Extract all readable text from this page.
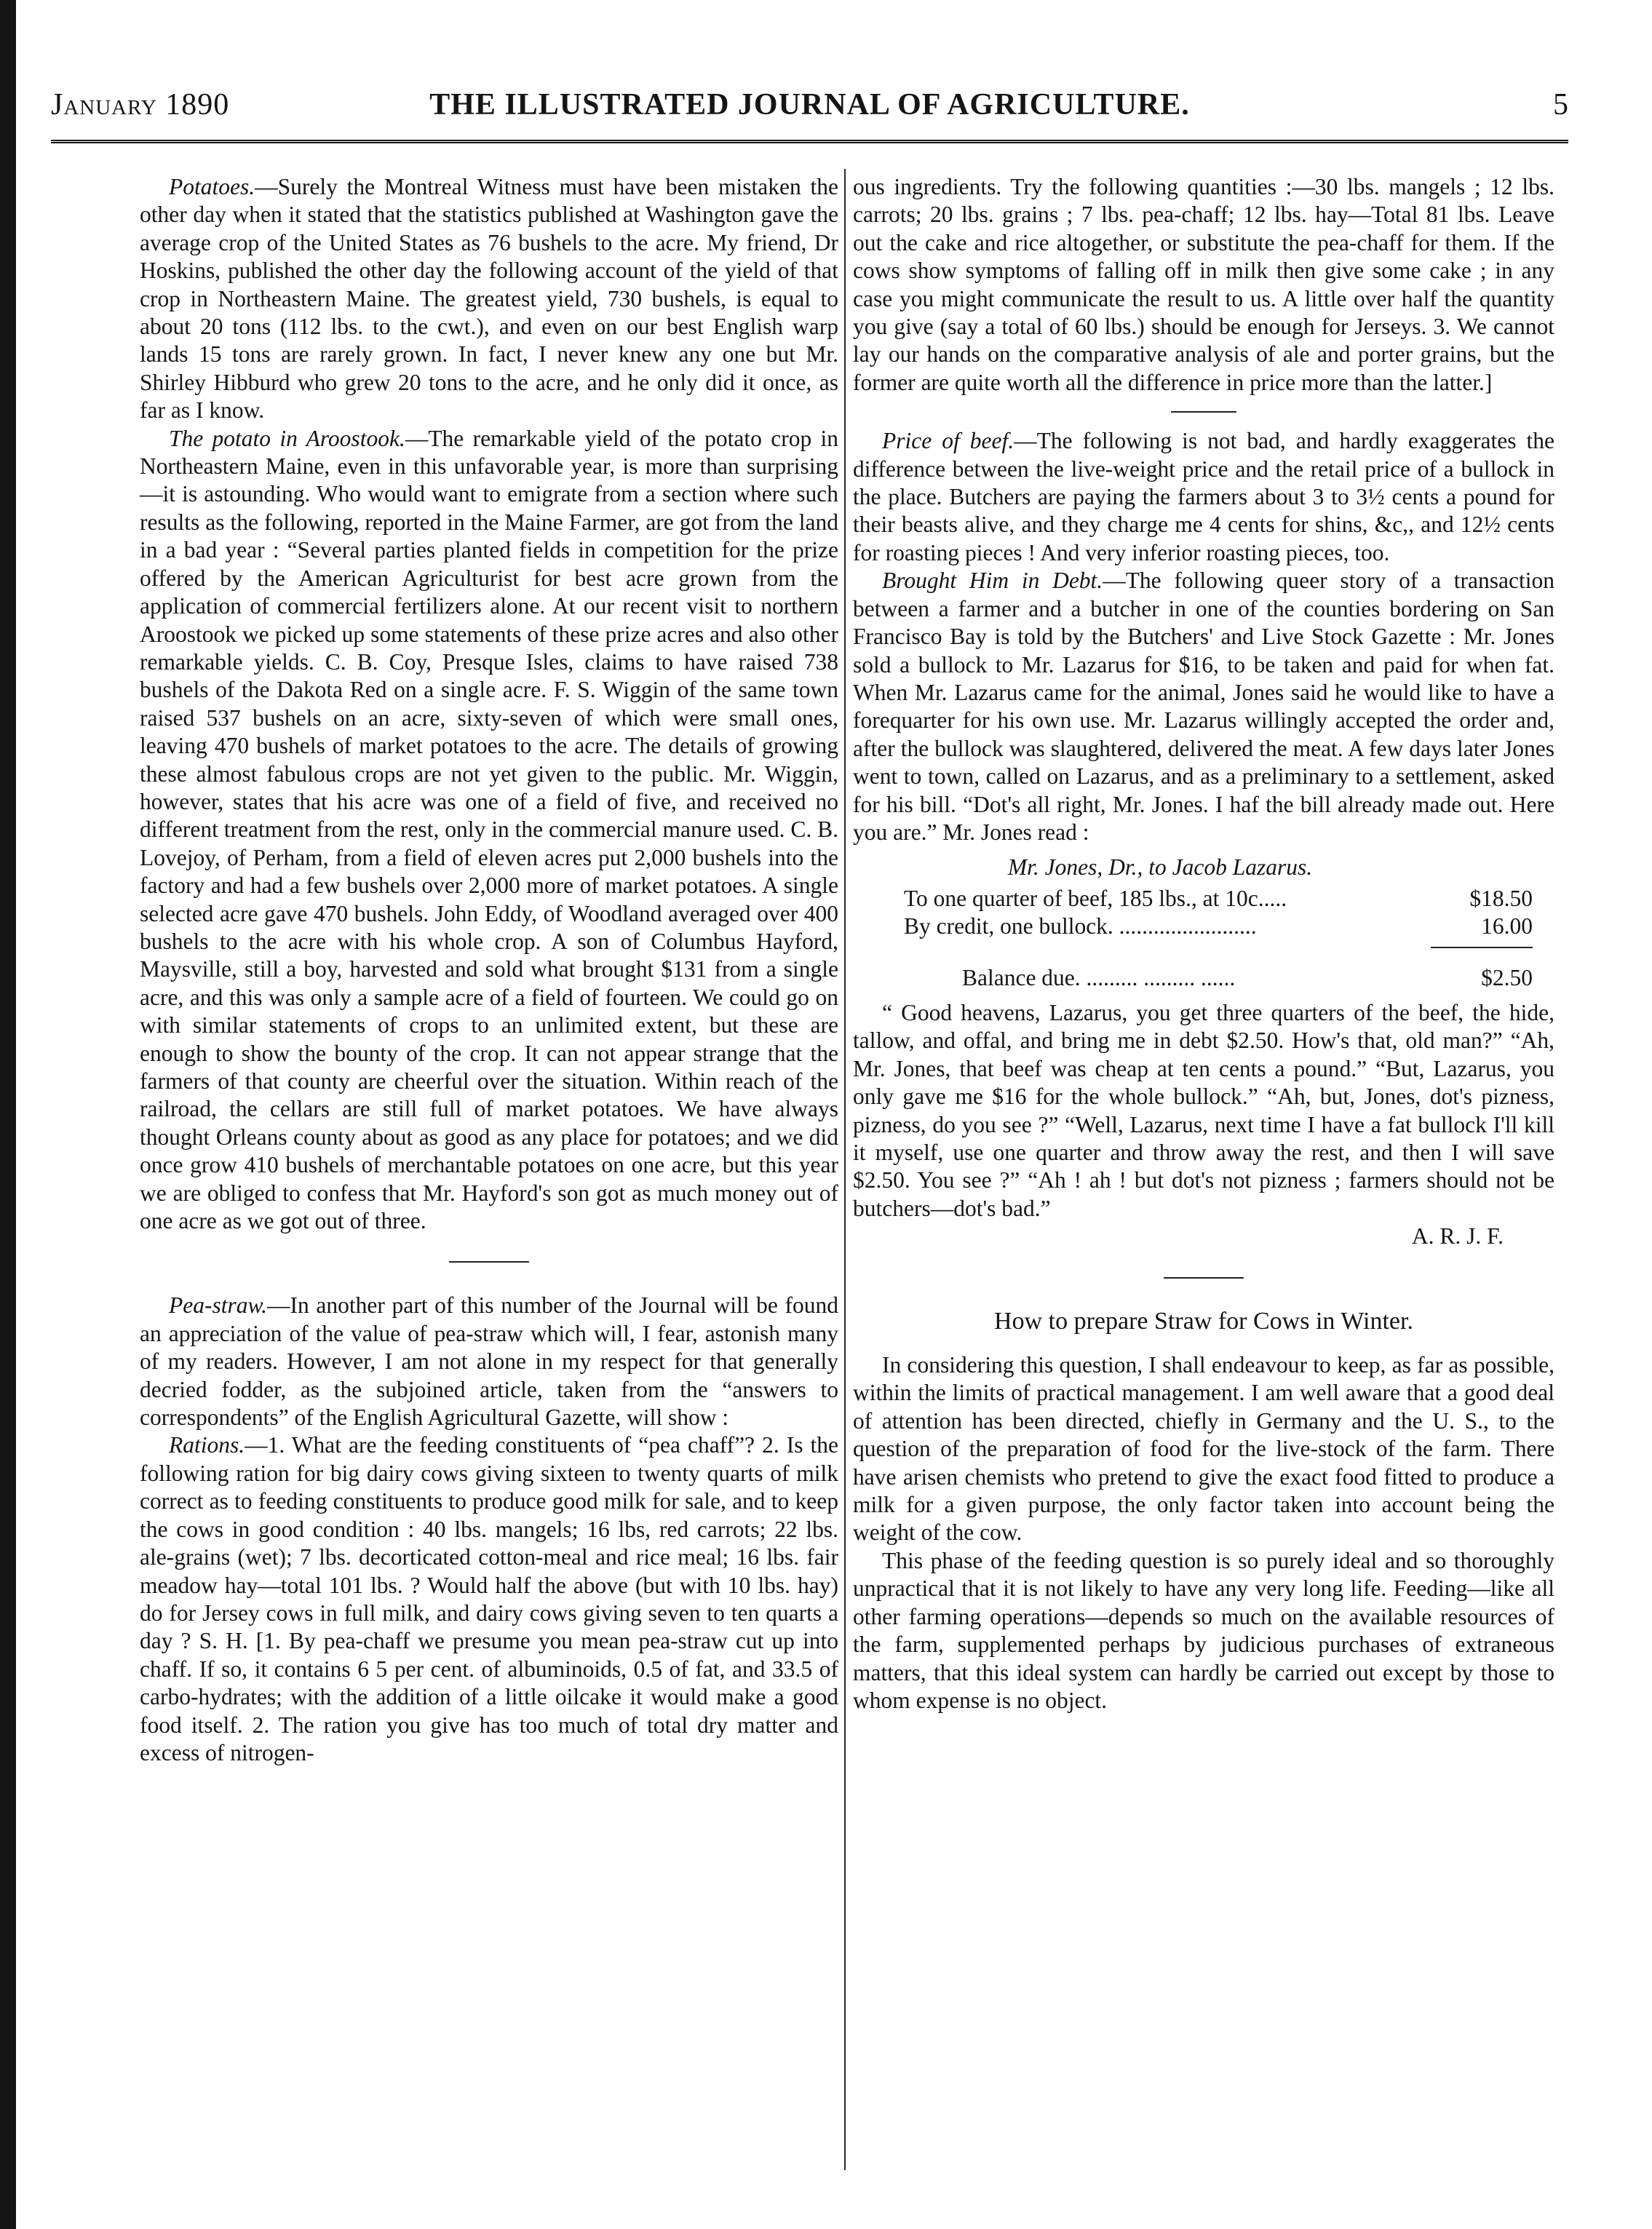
January 1890	THE ILLUSTRATED JOURNAL OF AGRICULTURE.	5

Potatoes.—Surely the Montreal Witness must have been mistaken the other day when it stated that the statistics published at Washington gave the average crop of the United States as 76 bushels to the acre. My friend, Dr Hoskins, published the other day the following account of the yield of that crop in Northeastern Maine. The greatest yield, 730 bushels, is equal to about 20 tons (112 lbs. to the cwt.), and even on our best English warp lands 15 tons are rarely grown. In fact, I never knew any one but Mr. Shirley Hibburd who grew 20 tons to the acre, and he only did it once, as far as I know.

The potato in Aroostook.—The remarkable yield of the potato crop in Northeastern Maine, even in this unfavorable year, is more than surprising—it is astounding. Who would want to emigrate from a section where such results as the following, reported in the Maine Farmer, are got from the land in a bad year : “Several parties planted fields in competition for the prize offered by the American Agriculturist for best acre grown from the application of commercial fertilizers alone. At our recent visit to northern Aroostook we picked up some statements of these prize acres and also other remarkable yields. C. B. Coy, Presque Isles, claims to have raised 738 bushels of the Dakota Red on a single acre. F. S. Wiggin of the same town raised 537 bushels on an acre, sixty-seven of which were small ones, leaving 470 bushels of market potatoes to the acre. The details of growing these almost fabulous crops are not yet given to the public. Mr. Wiggin, however, states that his acre was one of a field of five, and received no different treatment from the rest, only in the commercial manure used. C. B. Lovejoy, of Perham, from a field of eleven acres put 2,000 bushels into the factory and had a few bushels over 2,000 more of market potatoes. A single selected acre gave 470 bushels. John Eddy, of Woodland averaged over 400 bushels to the acre with his whole crop. A son of Columbus Hayford, Maysville, still a boy, harvested and sold what brought $131 from a single acre, and this was only a sample acre of a field of fourteen. We could go on with similar statements of crops to an unlimited extent, but these are enough to show the bounty of the crop. It can not appear strange that the farmers of that county are cheerful over the situation. Within reach of the railroad, the cellars are still full of market potatoes. We have always thought Orleans county about as good as any place for potatoes; and we did once grow 410 bushels of merchantable potatoes on one acre, but this year we are obliged to confess that Mr. Hayford's son got as much money out of one acre as we got out of three.

Pea-straw.—In another part of this number of the Journal will be found an appreciation of the value of pea-straw which will, I fear, astonish many of my readers. However, I am not alone in my respect for that generally decried fodder, as the subjoined article, taken from the “answers to correspondents” of the English Agricultural Gazette, will show :

Rations.—1. What are the feeding constituents of “pea chaff”? 2. Is the following ration for big dairy cows giving sixteen to twenty quarts of milk correct as to feeding constituents to produce good milk for sale, and to keep the cows in good condition : 40 lbs. mangels; 16 lbs, red carrots; 22 lbs. ale-grains (wet); 7 lbs. decorticated cotton-meal and rice meal; 16 lbs. fair meadow hay—total 101 lbs. ? Would half the above (but with 10 lbs. hay) do for Jersey cows in full milk, and dairy cows giving seven to ten quarts a day ? S. H. [1. By pea-chaff we presume you mean pea-straw cut up into chaff. If so, it contains 6 5 per cent. of albuminoids, 0.5 of fat, and 33.5 of carbo-hydrates; with the addition of a little oilcake it would make a good food itself. 2. The ration you give has too much of total dry matter and excess of nitrogen-

ous ingredients. Try the following quantities :—30 lbs. mangels ; 12 lbs. carrots; 20 lbs. grains ; 7 lbs. pea-chaff; 12 lbs. hay—Total 81 lbs. Leave out the cake and rice altogether, or substitute the pea-chaff for them. If the cows show symptoms of falling off in milk then give some cake ; in any case you might communicate the result to us. A little over half the quantity you give (say a total of 60 lbs.) should be enough for Jerseys. 3. We cannot lay our hands on the comparative analysis of ale and porter grains, but the former are quite worth all the difference in price more than the latter.]

Price of beef.—The following is not bad, and hardly exaggerates the difference between the live-weight price and the retail price of a bullock in the place. Butchers are paying the farmers about 3 to 3½ cents a pound for their beasts alive, and they charge me 4 cents for shins, &c,, and 12½ cents for roasting pieces ! And very inferior roasting pieces, too.

Brought Him in Debt.—The following queer story of a transaction between a farmer and a butcher in one of the counties bordering on San Francisco Bay is told by the Butchers' and Live Stock Gazette : Mr. Jones sold a bullock to Mr. Lazarus for $16, to be taken and paid for when fat. When Mr. Lazarus came for the animal, Jones said he would like to have a forequarter for his own use. Mr. Lazarus willingly accepted the order and, after the bullock was slaughtered, delivered the meat. A few days later Jones went to town, called on Lazarus, and as a preliminary to a settlement, asked for his bill. “Dot's all right, Mr. Jones. I haf the bill already made out. Here you are.” Mr. Jones read :

Mr. Jones, Dr., to Jacob Lazarus.
To one quarter of beef, 185 lbs., at 10c.....	$18.50
By credit, one bullock. ........................	16.00
Balance due. ......... ......... ......	$2.50

“ Good heavens, Lazarus, you get three quarters of the beef, the hide, tallow, and offal, and bring me in debt $2.50. How's that, old man?” “Ah, Mr. Jones, that beef was cheap at ten cents a pound.” “But, Lazarus, you only gave me $16 for the whole bullock.” “Ah, but, Jones, dot's pizness, pizness, do you see ?” “Well, Lazarus, next time I have a fat bullock I'll kill it myself, use one quarter and throw away the rest, and then I will save $2.50. You see ?” “Ah ! ah ! but dot's not pizness ; farmers should not be butchers—dot's bad.”

A. R. J. F.

How to prepare Straw for Cows in Winter.

In considering this question, I shall endeavour to keep, as far as possible, within the limits of practical management. I am well aware that a good deal of attention has been directed, chiefly in Germany and the U. S., to the question of the preparation of food for the live-stock of the farm. There have arisen chemists who pretend to give the exact food fitted to produce a milk for a given purpose, the only factor taken into account being the weight of the cow.

This phase of the feeding question is so purely ideal and so thoroughly unpractical that it is not likely to have any very long life. Feeding—like all other farming operations—depends so much on the available resources of the farm, supplemented perhaps by judicious purchases of extraneous matters, that this ideal system can hardly be carried out except by those to whom expense is no object.
